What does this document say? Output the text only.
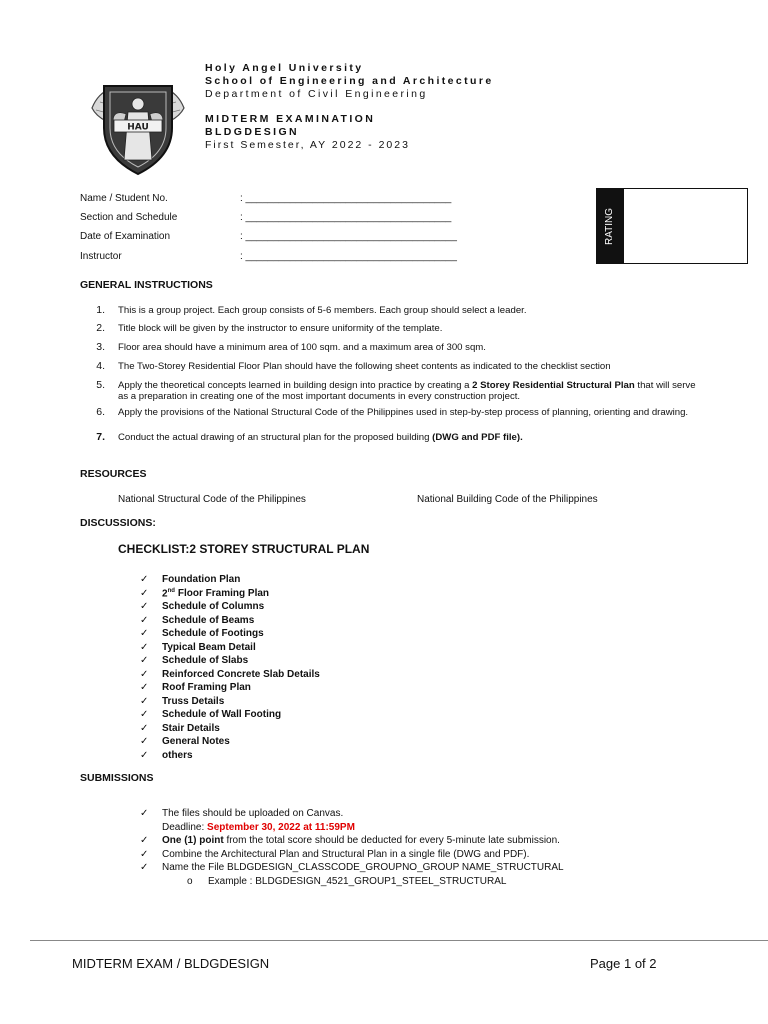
HAU
Holy Angel University
School of Engineering and Architecture
Department of Civil Engineering
MIDTERM EXAMINATION
BLDGDESIGN
First Semester, AY 2022 - 2023
Name / Student No.	: _____________________________________
Section and Schedule	: _____________________________________
Date of Examination	: ______________________________________
Instructor	: ______________________________________
RATING
GENERAL INSTRUCTIONS
1. This is a group project. Each group consists of 5-6 members. Each group should select a leader.
2. Title block will be given by the instructor to ensure uniformity of the template.
3. Floor area should have a minimum area of 100 sqm. and a maximum area of 300 sqm.
4. The Two-Storey Residential Floor Plan should have the following sheet contents as indicated to the checklist section
5. Apply the theoretical concepts learned in building design into practice by creating a 2 Storey Residential Structural Plan that will serve as a preparation in creating one of the most important documents in every construction project.
6. Apply the provisions of the National Structural Code of the Philippines used in step-by-step process of planning, orienting and drawing.
7. Conduct the actual drawing of an structural plan for the proposed building (DWG and PDF file).
RESOURCES
National Structural Code of the Philippines	National Building Code of the Philippines
DISCUSSIONS:
CHECKLIST:2 STOREY STRUCTURAL PLAN
✓ Foundation Plan
✓ 2nd Floor Framing Plan
✓ Schedule of Columns
✓ Schedule of Beams
✓ Schedule of Footings
✓ Typical Beam Detail
✓ Schedule of Slabs
✓ Reinforced Concrete Slab Details
✓ Roof Framing Plan
✓ Truss Details
✓ Schedule of Wall Footing
✓ Stair Details
✓ General Notes
✓ others
SUBMISSIONS
✓ The files should be uploaded on Canvas.
Deadline: September 30, 2022 at 11:59PM
✓ One (1) point from the total score should be deducted for every 5-minute late submission.
✓ Combine the Architectural Plan and Structural Plan in a single file (DWG and PDF).
✓ Name the File BLDGDESIGN_CLASSCODE_GROUPNO_GROUP NAME_STRUCTURAL
o Example : BLDGDESIGN_4521_GROUP1_STEEL_STRUCTURAL
MIDTERM EXAM / BLDGDESIGN	Page 1 of 2
